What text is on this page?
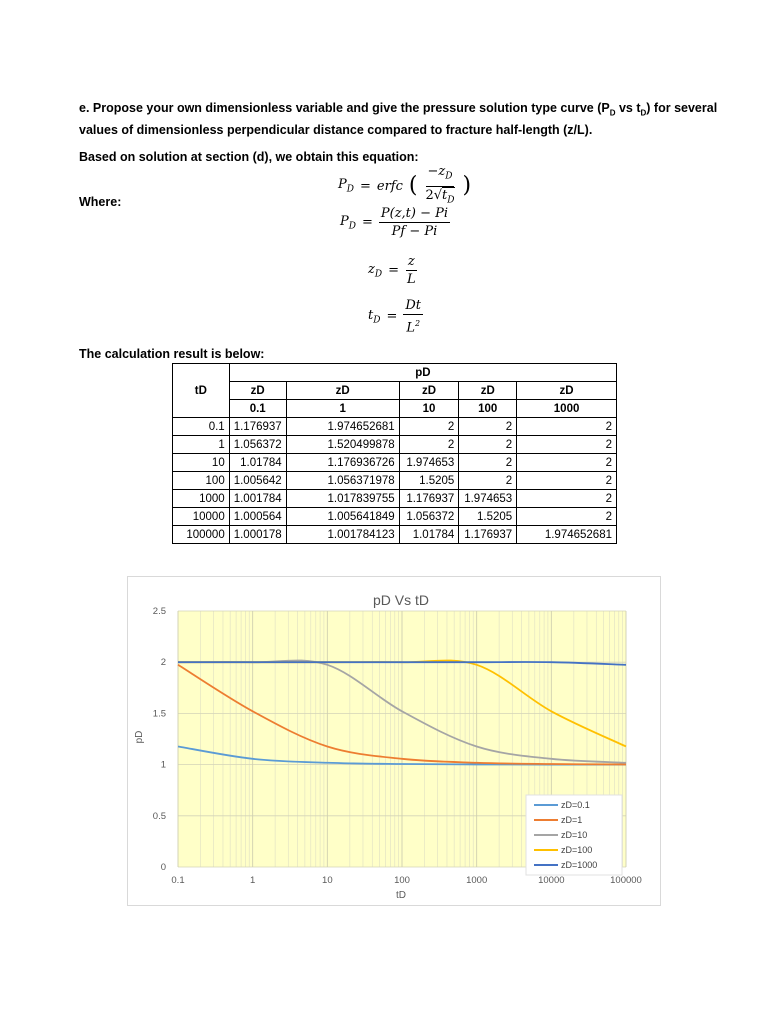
e. Propose your own dimensionless variable and give the pressure solution type curve ($P_D$ vs $t_D$) for several
values of dimensionless perpendicular distance compared to fracture half-length (z/L).
Based on solution at section (d), we obtain this equation:
$P_D$ = erfc ( $\frac{-z_D}{2√t_D}$ )
Where:
$P_D = \frac{P(z,t) - Pi}{Pf - Pi}$
$z_D = \frac{z}{L}$
$t_D = \frac{Dt}{L^2}$
The calculation result is below:
tD	pD				
	zD	zD	zD	zD	zD
	0.1	1	10	100	1000
0.1	1.176937	1.974652681	2	2	2
1	1.056372	1.520499878	2	2	2
10	1.01784	1.176936726	1.974653	2	2
100	1.005642	1.056371978	1.5205	2	2
1000	1.001784	1.017839755	1.176937	1.974653	2
10000	1.000564	1.005641849	1.056372	1.5205	2
100000	1.000178	1.001784123	1.01784	1.176937	1.974652681
pD Vs tD
0
0.5
1
1.5
2
2.5
0.1	1	10	100	1000	10000	100000
pD
tD
zD=0.1
zD=1
zD=10
zD=100
zD=1000
